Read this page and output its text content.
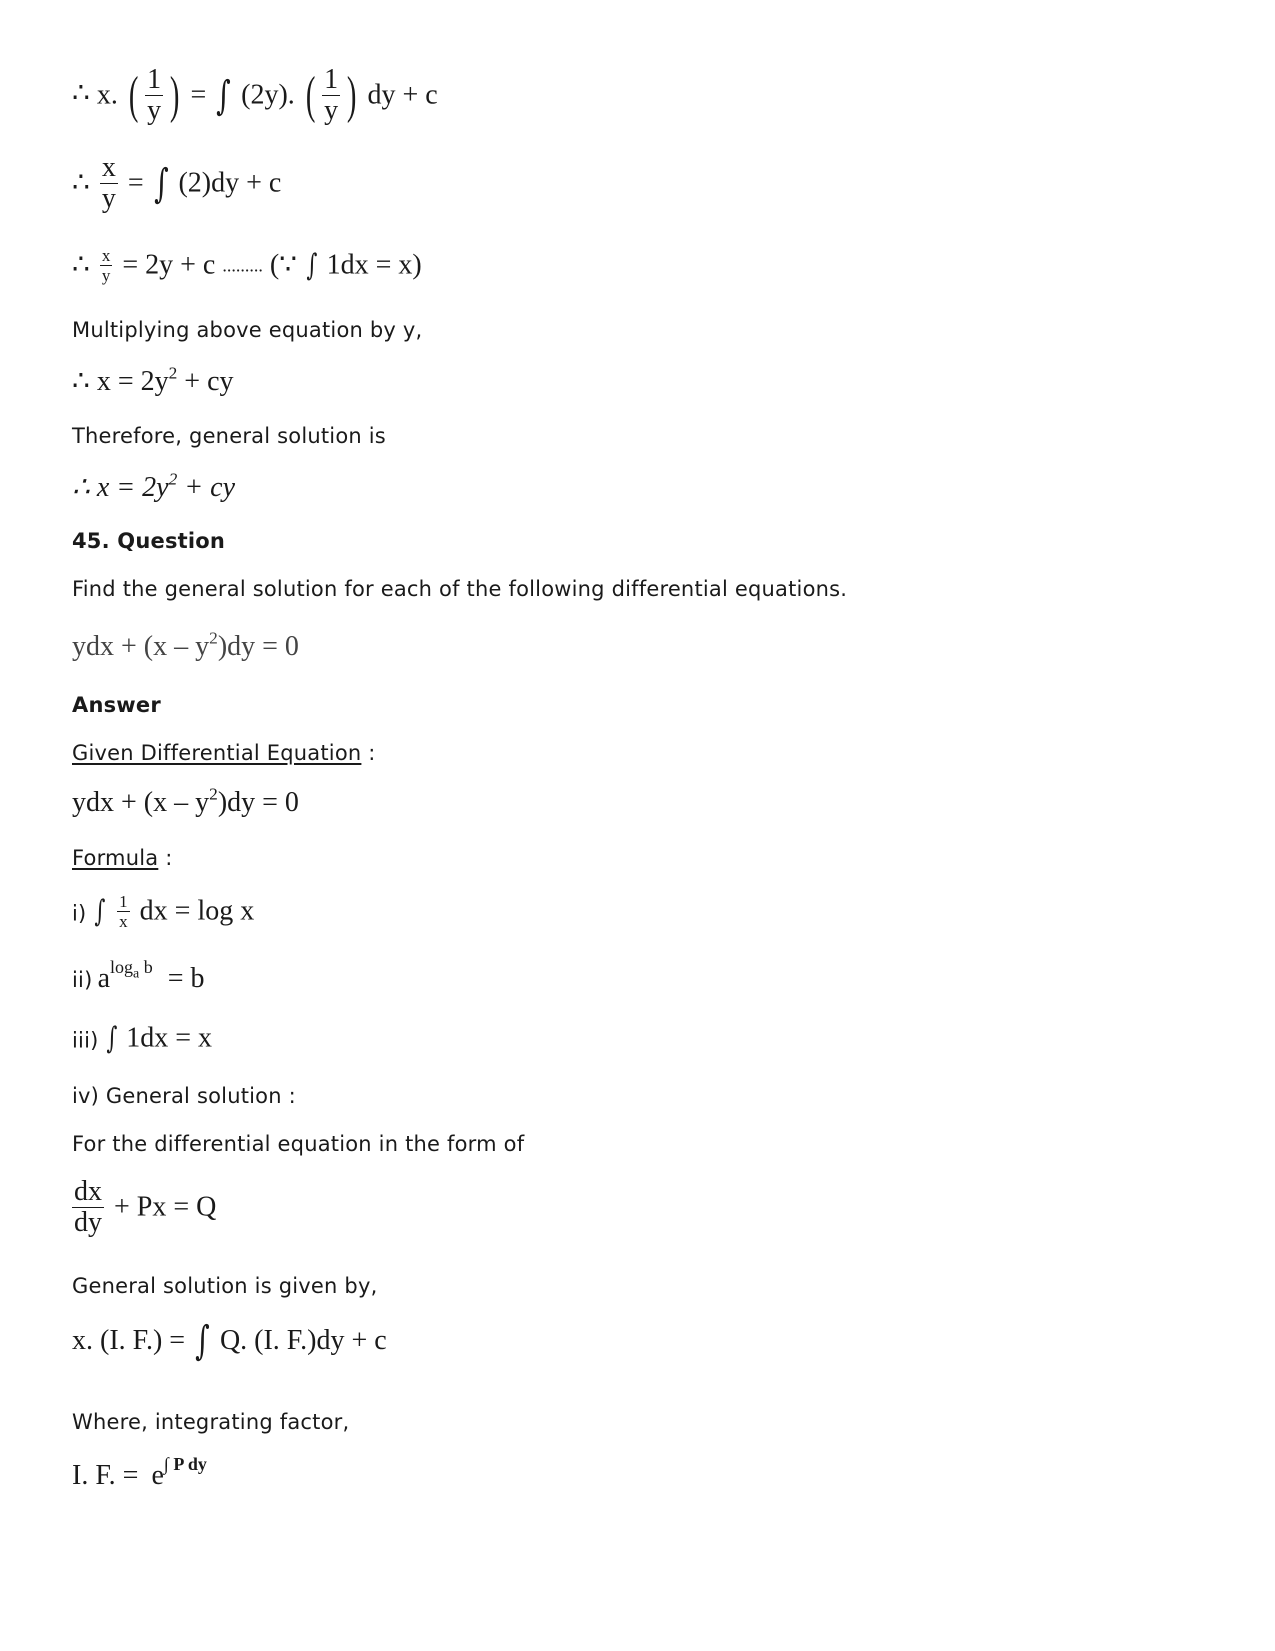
∴ x. ( $\frac{1}{y}$ ) = ∫ (2y). ( $\frac{1}{y}$ ) dy + c
∴ $\frac{x}{y}$ = ∫ (2)dy + c
∴ $\frac{x}{y} = 2y + c$ ......... (∵ ∫ 1dx = x)
Multiplying above equation by y,
∴ $x = 2y^2$ + cy
Therefore, general solution is
∴ $x = 2y^2$ + cy
45. Question
Find the general solution for each of the following differential equations.
ydx + $(x - y^2)dy = 0$
Answer
Given Differential Equation :
ydx + $(x - y^2)dy = 0$
Formula :
i) ∫ $\frac{1}{x}$ dx = log x
ii) $a^{log_a b} = b$
iii) ∫ 1dx = x
iv) General solution :
For the differential equation in the form of
$\frac{dx}{dy} + Px = Q$
General solution is given by,
x. (I. F.) = ∫ Q. (I. F.)dy + c
Where, integrating factor,
I. F. = $e^{\int P dy}$
